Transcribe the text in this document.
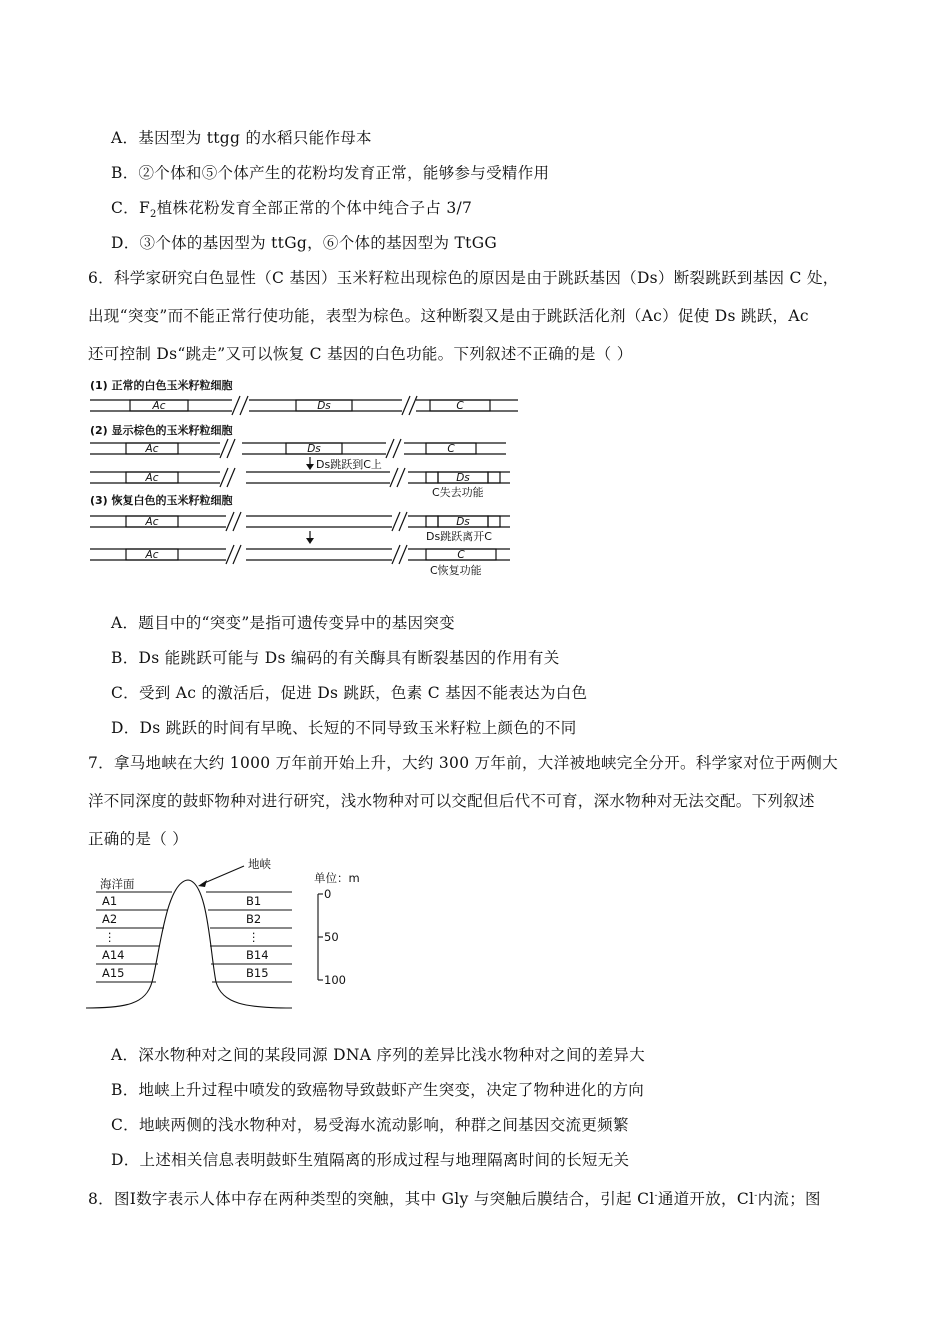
A．基因型为 ttgg 的水稻只能作母本
B．②个体和⑤个体产生的花粉均发育正常，能够参与受精作用
C．$F_2$植株花粉发育全部正常的个体中纯合子占 3/7
D．③个体的基因型为 ttGg，⑥个体的基因型为 TtGG
6．科学家研究白色显性（C 基因）玉米籽粒出现棕色的原因是由于跳跃基因（Ds）断裂跳跃到基因 C 处，
出现“突变”而不能正常行使功能，表型为棕色。这种断裂又是由于跳跃活化剂（Ac）促使 Ds 跳跃，Ac
还可控制 Ds“跳走”又可以恢复 C 基因的白色功能。下列叙述不正确的是（ ）
(1) 正常的白色玉米籽粒细胞
(2) 显示棕色的玉米籽粒细胞
(3) 恢复白色的玉米籽粒细胞
Ac	Ds	C
Ac	Ds	C
Ac	Ds
Ac	Ds
Ac	C
Ds跳跃到C上
C失去功能
Ds跳跃离开C
C恢复功能
A．题目中的“突变”是指可遗传变异中的基因突变
B．Ds 能跳跃可能与 Ds 编码的有关酶具有断裂基因的作用有关
C．受到 Ac 的激活后，促进 Ds 跳跃，色素 C 基因不能表达为白色
D．Ds 跳跃的时间有早晚、长短的不同导致玉米籽粒上颜色的不同
7．拿马地峡在大约 1000 万年前开始上升，大约 300 万年前，大洋被地峡完全分开。科学家对位于两侧大
洋不同深度的鼓虾物种对进行研究，浅水物种对可以交配但后代不可育，深水物种对无法交配。下列叙述
正确的是（ ）
地峡
海洋面
A1
A2
⋮
A14
A15
B1
B2
⋮
B14
B15
单位：m
0
50
100
A．深水物种对之间的某段同源 DNA 序列的差异比浅水物种对之间的差异大
B．地峡上升过程中喷发的致癌物导致鼓虾产生突变，决定了物种进化的方向
C．地峡两侧的浅水物种对，易受海水流动影响，种群之间基因交流更频繁
D．上述相关信息表明鼓虾生殖隔离的形成过程与地理隔离时间的长短无关
8．图Ⅰ数字表示人体中存在两种类型的突触，其中 Gly 与突触后膜结合，引起 Cl-通道开放，Cl-内流；图
